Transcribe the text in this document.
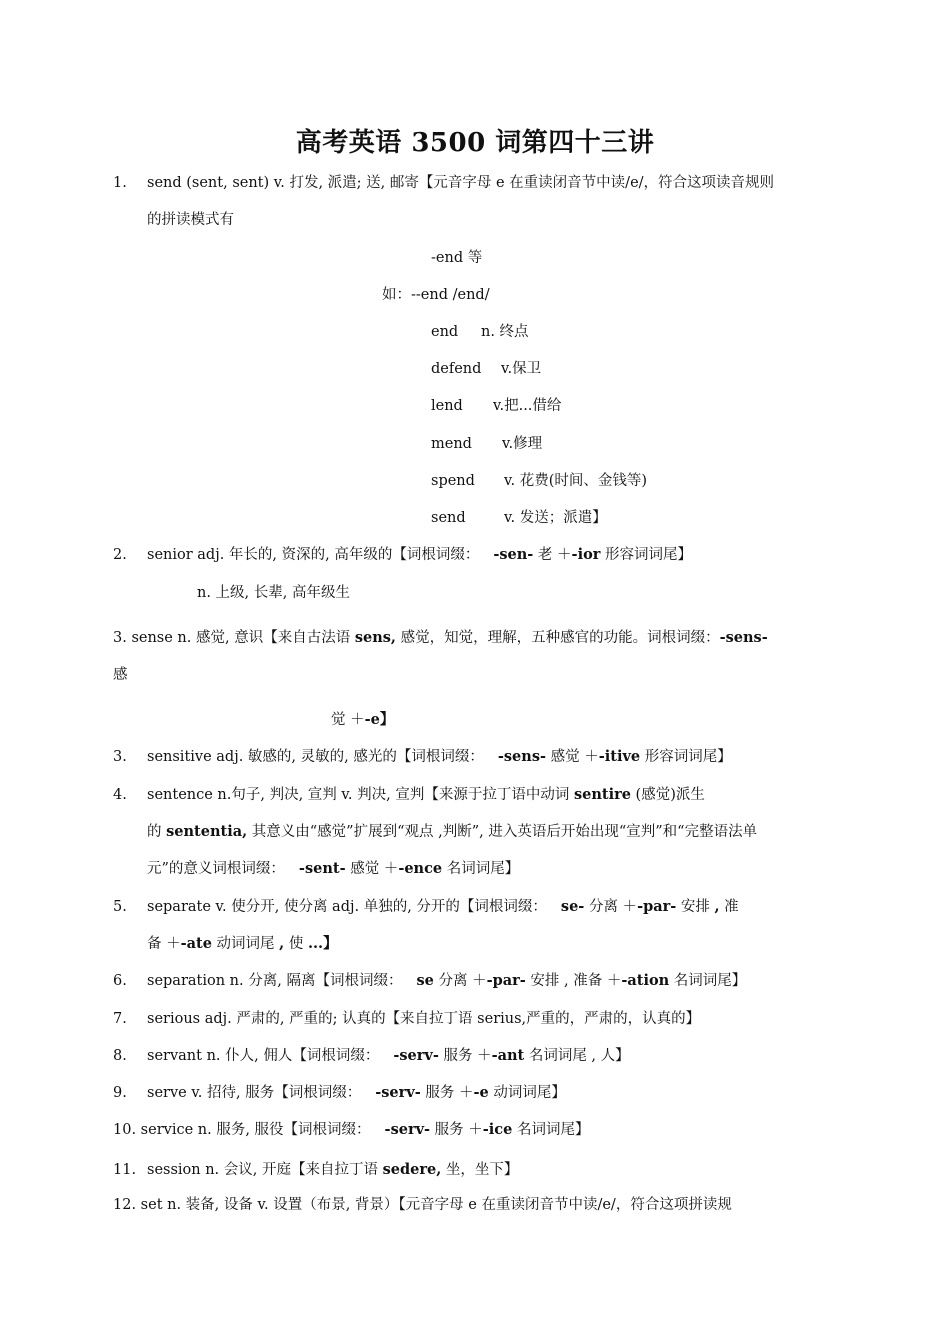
高考英语 3500 词第四十三讲
1. send (sent, sent) v. 打发, 派遣; 送, 邮寄【元音字母 e 在重读闭音节中读/e/，符合这项读音规则
的拼读模式有
-end 等
如：--end /end/
end n. 终点
defend v.保卫
lend v.把...借给
mend v.修理
spend v. 花费(时间、金钱等)
send	v. 发送；派遣】
2. senior adj. 年长的, 资深的, 高年级的【词根词缀： -sen- 老 ＋-ior 形容词词尾】
n. 上级, 长辈, 高年级生
3. sense n. 感觉, 意识【来自古法语 sens, 感觉，知觉，理解，五种感官的功能。词根词缀：-sens-
感
觉 ＋-e】
3. sensitive adj. 敏感的, 灵敏的, 感光的【词根词缀： -sens- 感觉 ＋-itive 形容词词尾】
4. sentence n.句子, 判决, 宣判 v. 判决, 宣判【来源于拉丁语中动词 sentire (感觉)派生
的 sententia, 其意义由“感觉”扩展到“观点 ,判断”, 进入英语后开始出现“宣判”和“完整语法单
元”的意义词根词缀： -sent- 感觉 ＋-ence 名词词尾】
5. separate v. 使分开, 使分离 adj. 单独的, 分开的【词根词缀： se- 分离 ＋-par- 安排 , 准
备 ＋-ate 动词词尾 , 使 ...】
6. separation n. 分离, 隔离【词根词缀： se 分离 ＋-par- 安排 , 准备 ＋-ation 名词词尾】
7. serious adj. 严肃的, 严重的; 认真的【来自拉丁语 serius,严重的，严肃的，认真的】
8. servant n. 仆人, 佣人【词根词缀： -serv- 服务 ＋-ant 名词词尾 , 人】
9. serve v. 招待, 服务【词根词缀： -serv- 服务 ＋-e 动词词尾】
10. service n. 服务, 服役【词根词缀： -serv- 服务 ＋-ice 名词词尾】
11. session n. 会议, 开庭【来自拉丁语 sedere, 坐，坐下】
12. set n. 装备, 设备 v. 设置（布景, 背景）【元音字母 e 在重读闭音节中读/e/，符合这项拼读规
